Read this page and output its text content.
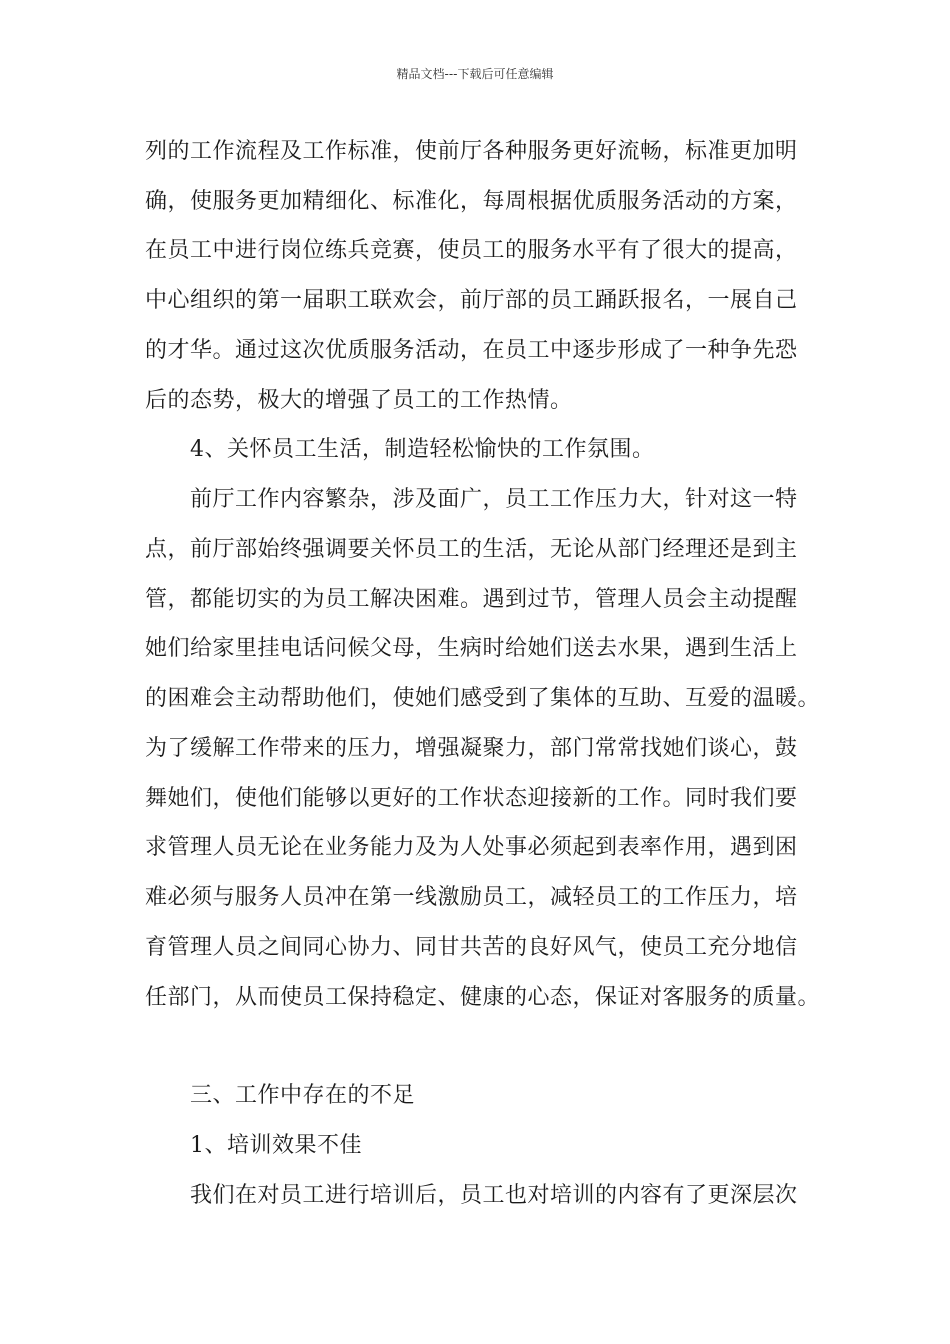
精品文档---下载后可任意编辑
列的工作流程及工作标准，使前厅各种服务更好流畅，标准更加明
确，使服务更加精细化、标准化，每周根据优质服务活动的方案，
在员工中进行岗位练兵竞赛，使员工的服务水平有了很大的提高，
中心组织的第一届职工联欢会，前厅部的员工踊跃报名，一展自己
的才华。通过这次优质服务活动，在员工中逐步形成了一种争先恐
后的态势，极大的增强了员工的工作热情。
4、关怀员工生活，制造轻松愉快的工作氛围。
前厅工作内容繁杂，涉及面广，员工工作压力大，针对这一特
点，前厅部始终强调要关怀员工的生活，无论从部门经理还是到主
管，都能切实的为员工解决困难。遇到过节，管理人员会主动提醒
她们给家里挂电话问候父母，生病时给她们送去水果，遇到生活上
的困难会主动帮助他们，使她们感受到了集体的互助、互爱的温暖。
为了缓解工作带来的压力，增强凝聚力，部门常常找她们谈心，鼓
舞她们，使他们能够以更好的工作状态迎接新的工作。同时我们要
求管理人员无论在业务能力及为人处事必须起到表率作用，遇到困
难必须与服务人员冲在第一线激励员工，减轻员工的工作压力，培
育管理人员之间同心协力、同甘共苦的良好风气，使员工充分地信
任部门，从而使员工保持稳定、健康的心态，保证对客服务的质量。
三、工作中存在的不足
1、培训效果不佳
我们在对员工进行培训后，员工也对培训的内容有了更深层次
